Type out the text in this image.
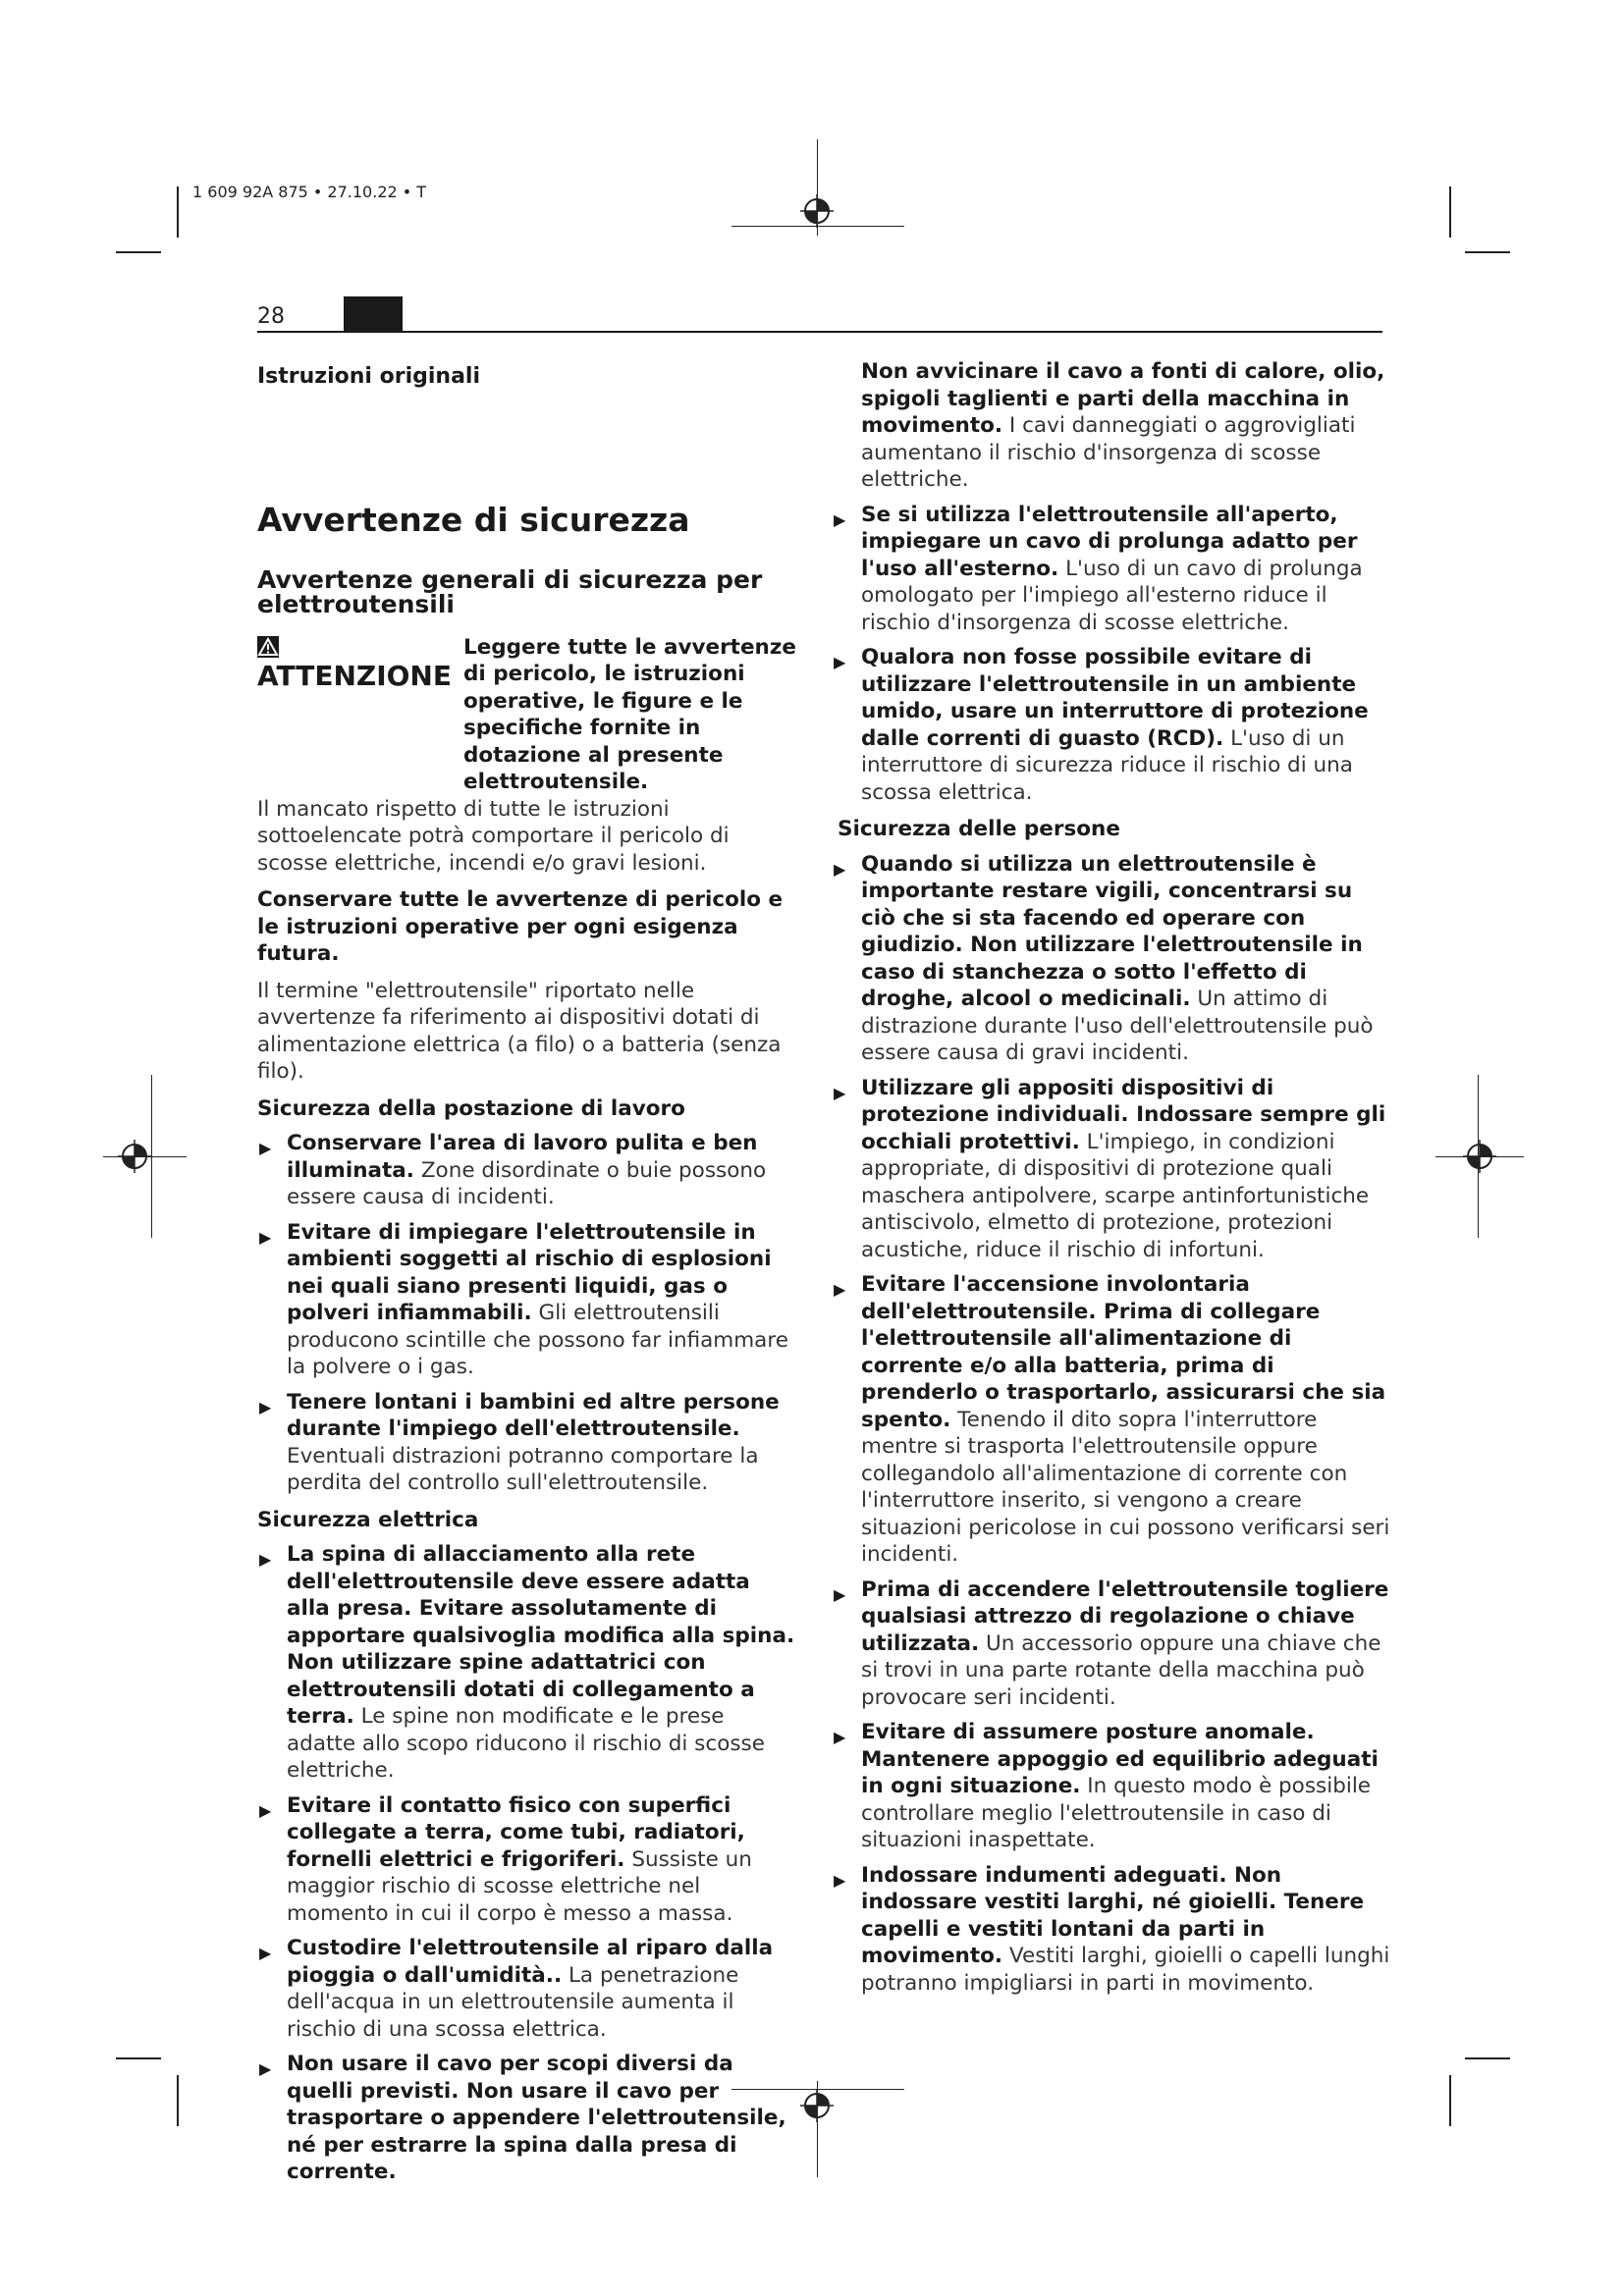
1 609 92A 875 • 27.10.22 • T
28

Istruzioni originali

Avvertenze di sicurezza
Avvertenze generali di sicurezza per elettroutensili
ATTENZIONE

Leggere tutte le avvertenze di pericolo, le istruzioni operative, le figure e le specifiche fornite in dotazione al presente elettroutensile.

Il mancato rispetto di tutte le istruzioni sottoelencate potrà comportare il pericolo di scosse elettriche, incendi e/o gravi lesioni.

Conservare tutte le avvertenze di pericolo e le istruzioni operative per ogni esigenza futura.

Il termine "elettroutensile" riportato nelle avvertenze fa riferimento ai dispositivi dotati di alimentazione elettrica (a filo) o a batteria (senza filo).

Sicurezza della postazione di lavoro

▶ Conservare l'area di lavoro pulita e ben illuminata. Zone disordinate o buie possono essere causa di incidenti.
▶ Evitare di impiegare l'elettroutensile in ambienti soggetti al rischio di esplosioni nei quali siano presenti liquidi, gas o polveri infiammabili. Gli elettroutensili producono scintille che possono far infiammare la polvere o i gas.
▶ Tenere lontani i bambini ed altre persone durante l'impiego dell'elettroutensile. Eventuali distrazioni potranno comportare la perdita del controllo sull'elettroutensile.

Sicurezza elettrica

▶ La spina di allacciamento alla rete dell'elettroutensile deve essere adatta alla presa. Evitare assolutamente di apportare qualsivoglia modifica alla spina. Non utilizzare spine adattatrici con elettroutensili dotati di collegamento a terra. Le spine non modificate e le prese adatte allo scopo riducono il rischio di scosse elettriche.
▶ Evitare il contatto fisico con superfici collegate a terra, come tubi, radiatori, fornelli elettrici e frigoriferi. Sussiste un maggior rischio di scosse elettriche nel momento in cui il corpo è messo a massa.
▶ Custodire l'elettroutensile al riparo dalla pioggia o dall'umidità.. La penetrazione dell'acqua in un elettroutensile aumenta il rischio di una scossa elettrica.
▶ Non usare il cavo per scopi diversi da quelli previsti. Non usare il cavo per trasportare o appendere l'elettroutensile, né per estrarre la spina dalla presa di corrente.
Non avvicinare il cavo a fonti di calore, olio, spigoli taglienti e parti della macchina in movimento. I cavi danneggiati o aggrovigliati aumentano il rischio d'insorgenza di scosse elettriche.
▶ Se si utilizza l'elettroutensile all'aperto, impiegare un cavo di prolunga adatto per l'uso all'esterno. L'uso di un cavo di prolunga omologato per l'impiego all'esterno riduce il rischio d'insorgenza di scosse elettriche.
▶ Qualora non fosse possibile evitare di utilizzare l'elettroutensile in un ambiente umido, usare un interruttore di protezione dalle correnti di guasto (RCD). L'uso di un interruttore di sicurezza riduce il rischio di una scossa elettrica.

Sicurezza delle persone

▶ Quando si utilizza un elettroutensile è importante restare vigili, concentrarsi su ciò che si sta facendo ed operare con giudizio. Non utilizzare l'elettroutensile in caso di stanchezza o sotto l'effetto di droghe, alcool o medicinali. Un attimo di distrazione durante l'uso dell'elettroutensile può essere causa di gravi incidenti.
▶ Utilizzare gli appositi dispositivi di protezione individuali. Indossare sempre gli occhiali protettivi. L'impiego, in condizioni appropriate, di dispositivi di protezione quali maschera antipolvere, scarpe antinfortunistiche antiscivolo, elmetto di protezione, protezioni acustiche, riduce il rischio di infortuni.
▶ Evitare l'accensione involontaria dell'elettroutensile. Prima di collegare l'elettroutensile all'alimentazione di corrente e/o alla batteria, prima di prenderlo o trasportarlo, assicurarsi che sia spento. Tenendo il dito sopra l'interruttore mentre si trasporta l'elettroutensile oppure collegandolo all'alimentazione di corrente con l'interruttore inserito, si vengono a creare situazioni pericolose in cui possono verificarsi seri incidenti.
▶ Prima di accendere l'elettroutensile togliere qualsiasi attrezzo di regolazione o chiave utilizzata. Un accessorio oppure una chiave che si trovi in una parte rotante della macchina può provocare seri incidenti.
▶ Evitare di assumere posture anomale. Mantenere appoggio ed equilibrio adeguati in ogni situazione. In questo modo è possibile controllare meglio l'elettroutensile in caso di situazioni inaspettate.
▶ Indossare indumenti adeguati. Non indossare vestiti larghi, né gioielli. Tenere capelli e vestiti lontani da parti in movimento. Vestiti larghi, gioielli o capelli lunghi potranno impigliarsi in parti in movimento.
